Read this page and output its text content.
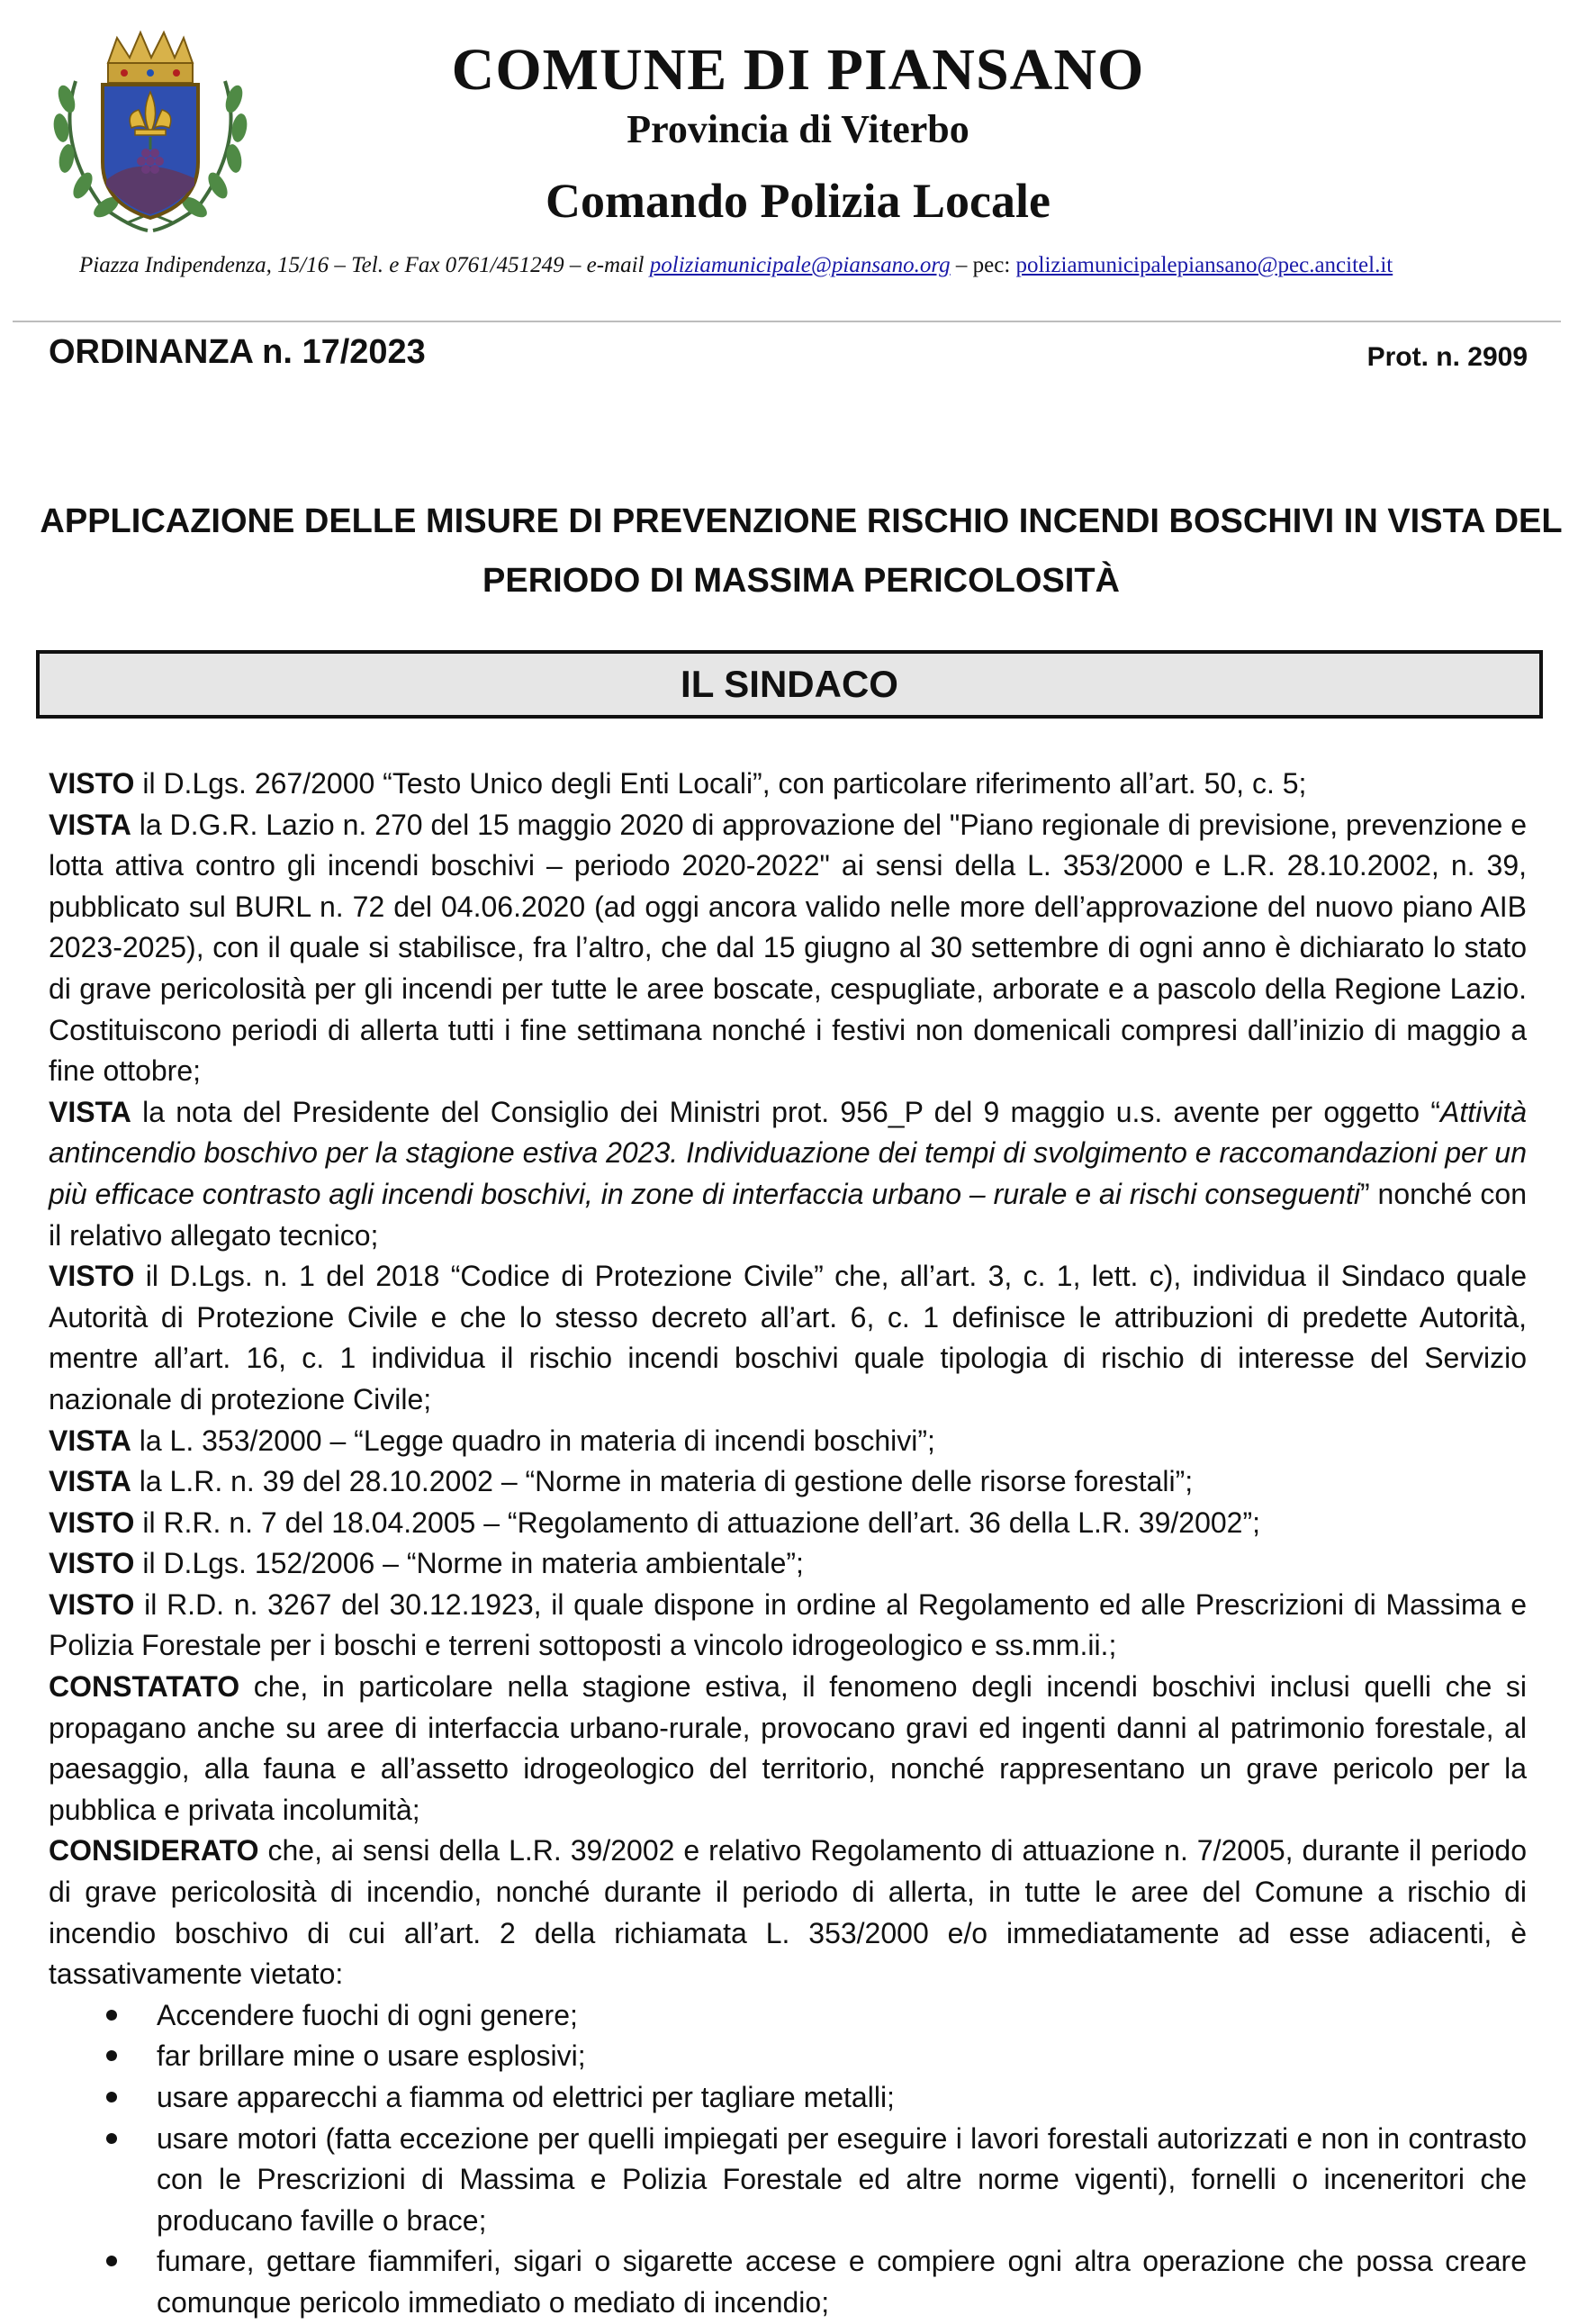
COMUNE DI PIANSANO
Provincia di Viterbo
Comando Polizia Locale
Piazza Indipendenza, 15/16 – Tel. e Fax 0761/451249 – e-mail poliziamunicipale@piansano.org – pec: poliziamunicipalepiansano@pec.ancitel.it
ORDINANZA n. 17/2023	Prot. n. 2909
APPLICAZIONE DELLE MISURE DI PREVENZIONE RISCHIO INCENDI BOSCHIVI IN VISTA DEL
PERIODO DI MASSIMA PERICOLOSITÀ
IL SINDACO

VISTO il D.Lgs. 267/2000 “Testo Unico degli Enti Locali”, con particolare riferimento all’art. 50, c. 5;

VISTA la D.G.R. Lazio n. 270 del 15 maggio 2020 di approvazione del "Piano regionale di previsione, prevenzione e lotta attiva contro gli incendi boschivi – periodo 2020-2022" ai sensi della L. 353/2000 e L.R. 28.10.2002, n. 39, pubblicato sul BURL n. 72 del 04.06.2020 (ad oggi ancora valido nelle more dell’approvazione del nuovo piano AIB 2023-2025), con il quale si stabilisce, fra l’altro, che dal 15 giugno al 30 settembre di ogni anno è dichiarato lo stato di grave pericolosità per gli incendi per tutte le aree boscate, cespugliate, arborate e a pascolo della Regione Lazio. Costituiscono periodi di allerta tutti i fine settimana nonché i festivi non domenicali compresi dall’inizio di maggio a fine ottobre;

VISTA la nota del Presidente del Consiglio dei Ministri prot. 956_P del 9 maggio u.s. avente per oggetto “Attività antincendio boschivo per la stagione estiva 2023. Individuazione dei tempi di svolgimento e raccomandazioni per un più efficace contrasto agli incendi boschivi, in zone di interfaccia urbano – rurale e ai rischi conseguenti” nonché con il relativo allegato tecnico;

VISTO il D.Lgs. n. 1 del 2018 “Codice di Protezione Civile” che, all’art. 3, c. 1, lett. c), individua il Sindaco quale Autorità di Protezione Civile e che lo stesso decreto all’art. 6, c. 1 definisce le attribuzioni di predette Autorità, mentre all’art. 16, c. 1 individua il rischio incendi boschivi quale tipologia di rischio di interesse del Servizio nazionale di protezione Civile;

VISTA la L. 353/2000 – “Legge quadro in materia di incendi boschivi”;

VISTA la L.R. n. 39 del 28.10.2002 – “Norme in materia di gestione delle risorse forestali”;

VISTO il R.R. n. 7 del 18.04.2005 – “Regolamento di attuazione dell’art. 36 della L.R. 39/2002”;

VISTO il D.Lgs. 152/2006 – “Norme in materia ambientale”;

VISTO il R.D. n. 3267 del 30.12.1923, il quale dispone in ordine al Regolamento ed alle Prescrizioni di Massima e Polizia Forestale per i boschi e terreni sottoposti a vincolo idrogeologico e ss.mm.ii.;

CONSTATATO che, in particolare nella stagione estiva, il fenomeno degli incendi boschivi inclusi quelli che si propagano anche su aree di interfaccia urbano-rurale, provocano gravi ed ingenti danni al patrimonio forestale, al paesaggio, alla fauna e all’assetto idrogeologico del territorio, nonché rappresentano un grave pericolo per la pubblica e privata incolumità;

CONSIDERATO che, ai sensi della L.R. 39/2002 e relativo Regolamento di attuazione n. 7/2005, durante il periodo di grave pericolosità di incendio, nonché durante il periodo di allerta, in tutte le aree del Comune a rischio di incendio boschivo di cui all’art. 2 della richiamata L. 353/2000 e/o immediatamente ad esse adiacenti, è tassativamente vietato:

Accendere fuochi di ogni genere;
far brillare mine o usare esplosivi;
usare apparecchi a fiamma od elettrici per tagliare metalli;
usare motori (fatta eccezione per quelli impiegati per eseguire i lavori forestali autorizzati e non in contrasto con le Prescrizioni di Massima e Polizia Forestale ed altre norme vigenti), fornelli o inceneritori che producano faville o brace;
fumare, gettare fiammiferi, sigari o sigarette accese e compiere ogni altra operazione che possa creare comunque pericolo immediato o mediato di incendio;
